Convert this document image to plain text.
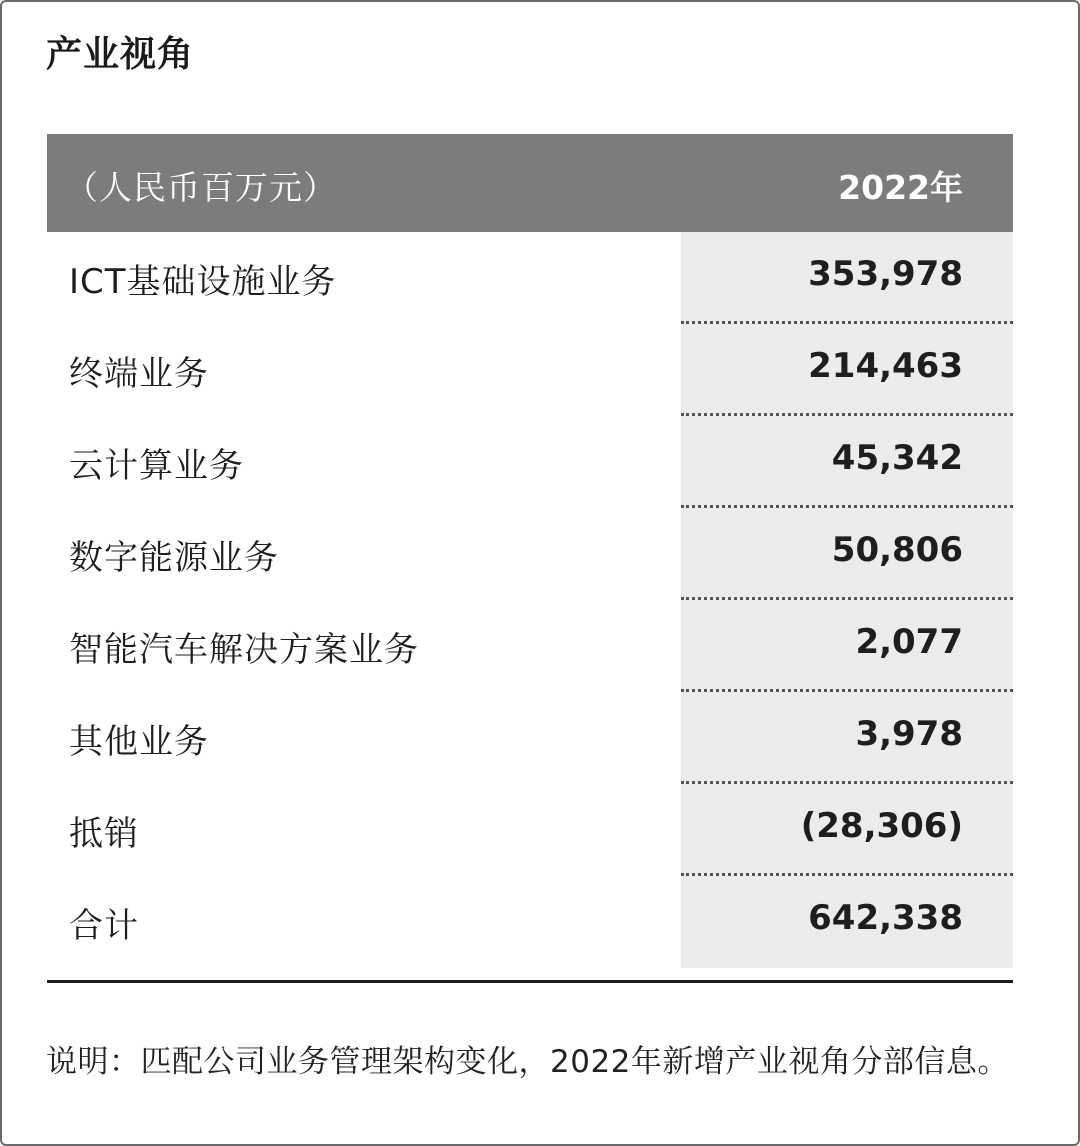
产业视角
（人民币百万元）	2022年
ICT基础设施业务	353,978
终端业务	214,463
云计算业务	45,342
数字能源业务	50,806
智能汽车解决方案业务	2,077
其他业务	3,978
抵销	(28,306)
合计	642,338
说明：匹配公司业务管理架构变化，2022年新增产业视角分部信息。
